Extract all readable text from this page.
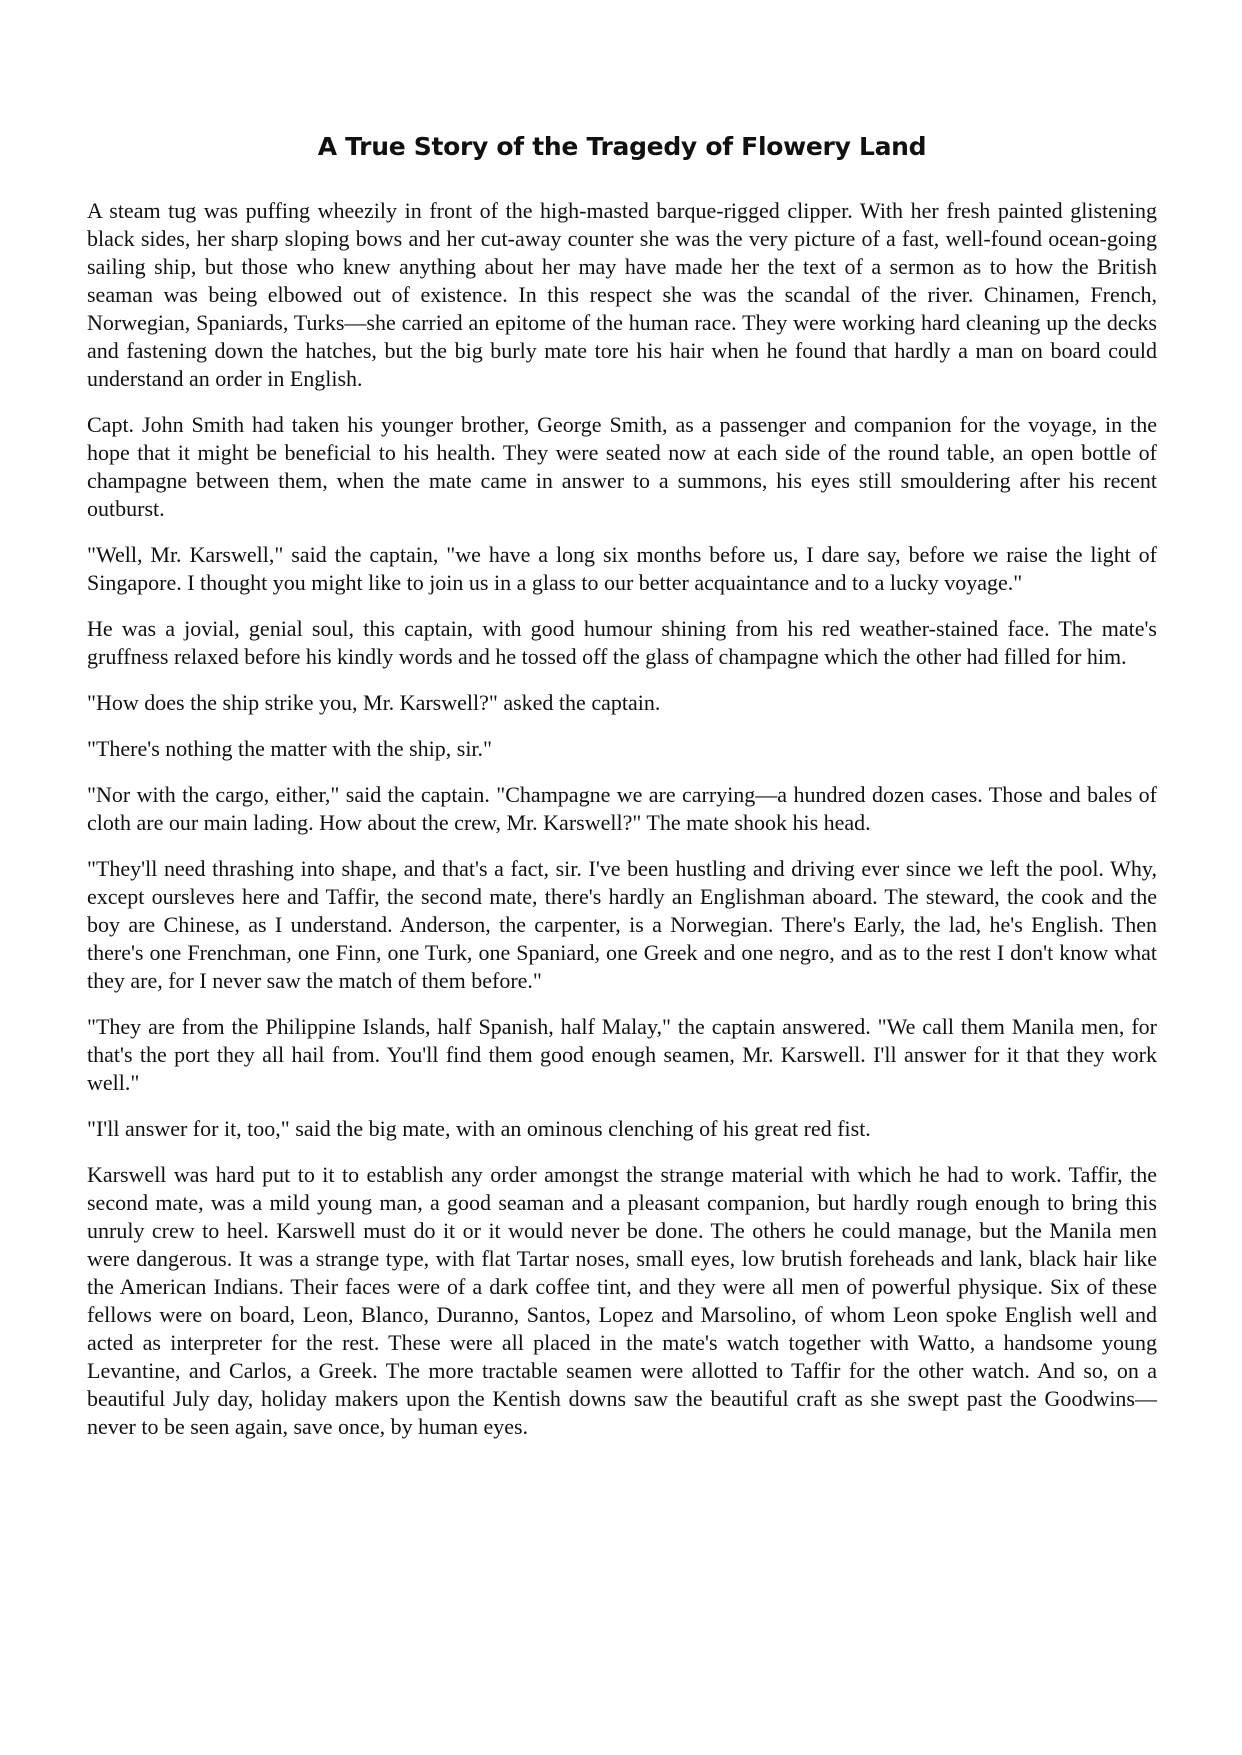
A True Story of the Tragedy of Flowery Land

A steam tug was puffing wheezily in front of the high-masted barque-rigged clipper. With her fresh painted glistening black sides, her sharp sloping bows and her cut-away counter she was the very picture of a fast, well-found ocean-going sailing ship, but those who knew anything about her may have made her the text of a sermon as to how the British seaman was being elbowed out of existence. In this respect she was the scandal of the river. Chinamen, French, Norwegian, Spaniards, Turks—she carried an epitome of the human race. They were working hard cleaning up the decks and fastening down the hatches, but the big burly mate tore his hair when he found that hardly a man on board could understand an order in English.

Capt. John Smith had taken his younger brother, George Smith, as a passenger and companion for the voyage, in the hope that it might be beneficial to his health. They were seated now at each side of the round table, an open bottle of champagne between them, when the mate came in answer to a summons, his eyes still smouldering after his recent outburst.

"Well, Mr. Karswell," said the captain, "we have a long six months before us, I dare say, before we raise the light of Singapore. I thought you might like to join us in a glass to our better acquaintance and to a lucky voyage."

He was a jovial, genial soul, this captain, with good humour shining from his red weather-stained face. The mate's gruffness relaxed before his kindly words and he tossed off the glass of champagne which the other had filled for him.

"How does the ship strike you, Mr. Karswell?" asked the captain.

"There's nothing the matter with the ship, sir."

"Nor with the cargo, either," said the captain. "Champagne we are carrying—a hundred dozen cases. Those and bales of cloth are our main lading. How about the crew, Mr. Karswell?" The mate shook his head.

"They'll need thrashing into shape, and that's a fact, sir. I've been hustling and driving ever since we left the pool. Why, except oursleves here and Taffir, the second mate, there's hardly an Englishman aboard. The steward, the cook and the boy are Chinese, as I understand. Anderson, the carpenter, is a Norwegian. There's Early, the lad, he's English. Then there's one Frenchman, one Finn, one Turk, one Spaniard, one Greek and one negro, and as to the rest I don't know what they are, for I never saw the match of them before."

"They are from the Philippine Islands, half Spanish, half Malay," the captain answered. "We call them Manila men, for that's the port they all hail from. You'll find them good enough seamen, Mr. Karswell. I'll answer for it that they work well."

"I'll answer for it, too," said the big mate, with an ominous clenching of his great red fist.

Karswell was hard put to it to establish any order amongst the strange material with which he had to work. Taffir, the second mate, was a mild young man, a good seaman and a pleasant companion, but hardly rough enough to bring this unruly crew to heel. Karswell must do it or it would never be done. The others he could manage, but the Manila men were dangerous. It was a strange type, with flat Tartar noses, small eyes, low brutish foreheads and lank, black hair like the American Indians. Their faces were of a dark coffee tint, and they were all men of powerful physique. Six of these fellows were on board, Leon, Blanco, Duranno, Santos, Lopez and Marsolino, of whom Leon spoke English well and acted as interpreter for the rest. These were all placed in the mate's watch together with Watto, a handsome young Levantine, and Carlos, a Greek. The more tractable seamen were allotted to Taffir for the other watch. And so, on a beautiful July day, holiday makers upon the Kentish downs saw the beautiful craft as she swept past the Goodwins—never to be seen again, save once, by human eyes.
